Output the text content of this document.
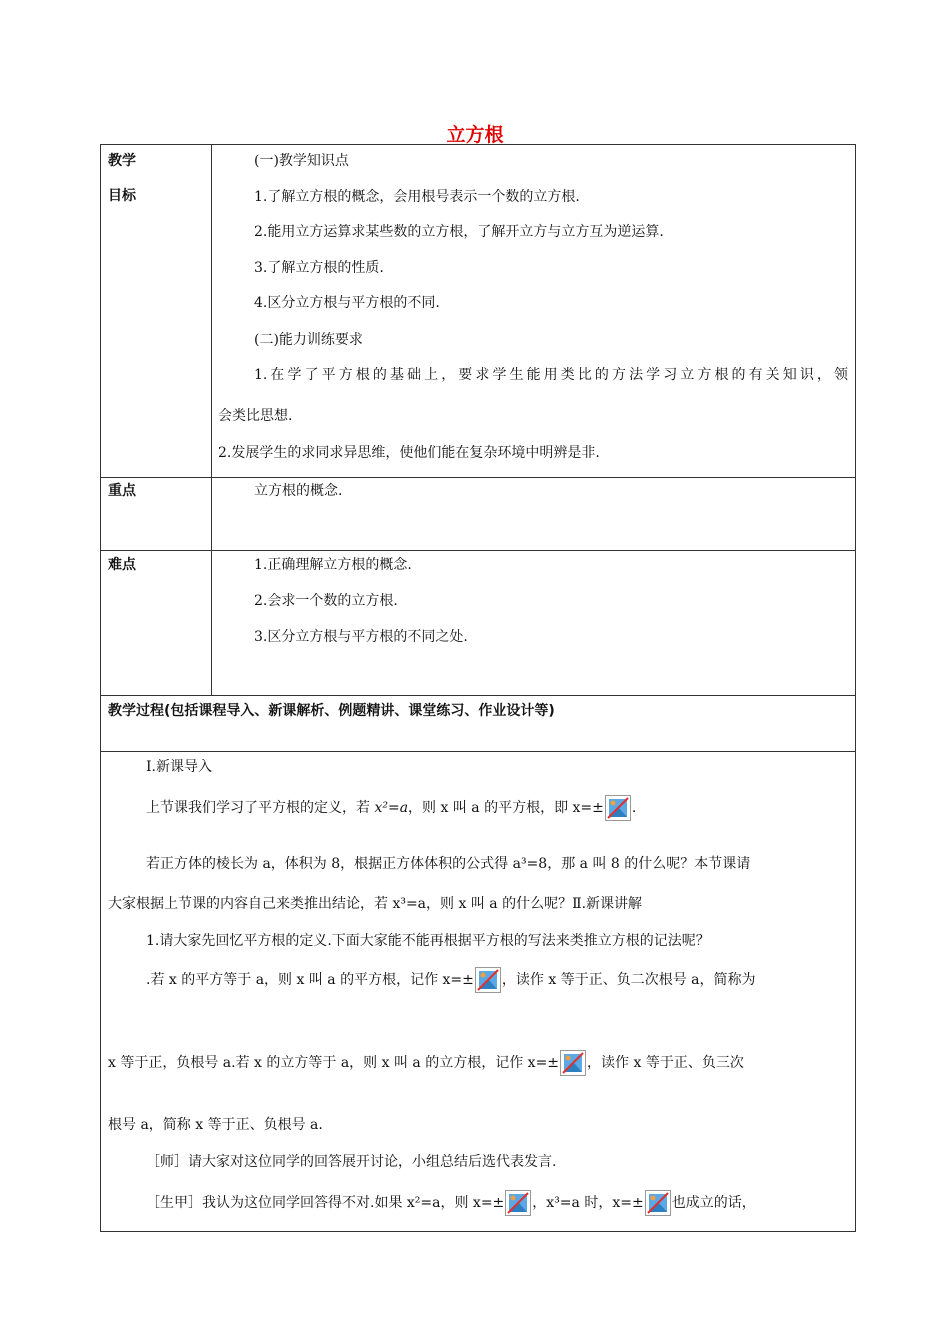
立方根
教学
目标
(一)教学知识点
1.了解立方根的概念，会用根号表示一个数的立方根.
2.能用立方运算求某些数的立方根，了解开立方与立方互为逆运算.
3.了解立方根的性质.
4.区分立方根与平方根的不同.
(二)能力训练要求
1.在学了平方根的基础上，要求学生能用类比的方法学习立方根的有关知识，领
会类比思想.
2.发展学生的求同求异思维，使他们能在复杂环境中明辨是非.
重点	立方根的概念.
难点	1.正确理解立方根的概念.
2.会求一个数的立方根.
3.区分立方根与平方根的不同之处.
教学过程(包括课程导入、新课解析、例题精讲、课堂练习、作业设计等)
Ⅰ.新课导入
上节课我们学习了平方根的定义，若 x²=a，则 x 叫 a 的平方根，即 x=± .
若正方体的棱长为 a，体积为 8，根据正方体体积的公式得 a³=8，那 a 叫 8 的什么呢？本节课请
大家根据上节课的内容自己来类推出结论，若 x³=a，则 x 叫 a 的什么呢？Ⅱ.新课讲解
1.请大家先回忆平方根的定义.下面大家能不能再根据平方根的写法来类推立方根的记法呢？
.若 x 的平方等于 a，则 x 叫 a 的平方根，记作 x=± ，读作 x 等于正、负二次根号 a，简称为
x 等于正，负根号 a.若 x 的立方等于 a，则 x 叫 a 的立方根，记作 x=± ，读作 x 等于正、负三次
根号 a，简称 x 等于正、负根号 a.
［师］请大家对这位同学的回答展开讨论，小组总结后选代表发言.
［生甲］我认为这位同学回答得不对.如果 x²=a，则 x=± ，x³=a 时，x=± 也成立的话，
